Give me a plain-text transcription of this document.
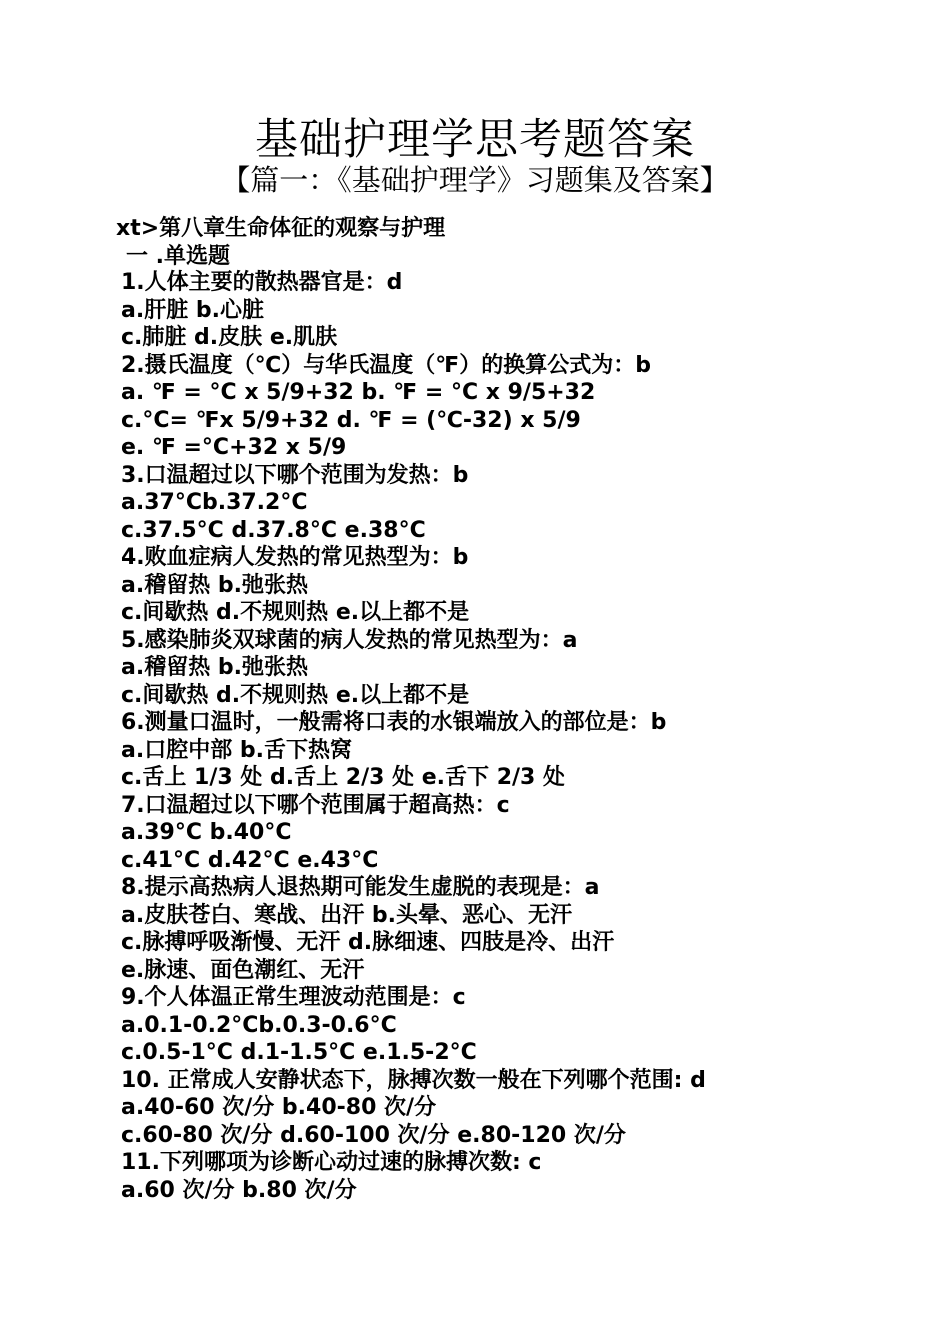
基础护理学思考题答案
【篇一：《基础护理学》习题集及答案】
xt>第八章生命体征的观察与护理
一 .单选题
1.人体主要的散热器官是：d
a.肝脏 b.心脏
c.肺脏 d.皮肤 e.肌肤
2.摄氏温度（℃）与华氏温度（℉）的换算公式为：b
a. ℉ = °C x 5/9+32 b. ℉ = °C x 9/5+32
c.°C= ℉x 5/9+32 d. ℉ = (℃-32) x 5/9
e. ℉ =°C+32 x 5/9
3.口温超过以下哪个范围为发热：b
a.37°Cb.37.2°C
c.37.5°C d.37.8°C e.38°C
4.败血症病人发热的常见热型为：b
a.稽留热 b.弛张热
c.间歇热 d.不规则热 e.以上都不是
5.感染肺炎双球菌的病人发热的常见热型为：a
a.稽留热 b.弛张热
c.间歇热 d.不规则热 e.以上都不是
6.测量口温时，一般需将口表的水银端放入的部位是：b
a.口腔中部 b.舌下热窝
c.舌上 1/3 处 d.舌上 2/3 处 e.舌下 2/3 处
7.口温超过以下哪个范围属于超高热：c
a.39°C b.40°C
c.41°C d.42°C e.43°C
8.提示高热病人退热期可能发生虚脱的表现是：a
a.皮肤苍白、寒战、出汗 b.头晕、恶心、无汗
c.脉搏呼吸渐慢、无汗 d.脉细速、四肢是冷、出汗
e.脉速、面色潮红、无汗
9.个人体温正常生理波动范围是：c
a.0.1-0.2°Cb.0.3-0.6°C
c.0.5-1°C d.1-1.5°C e.1.5-2°C
10. 正常成人安静状态下，脉搏次数一般在下列哪个范围: d
a.40-60 次/分 b.40-80 次/分
c.60-80 次/分 d.60-100 次/分 e.80-120 次/分
11.下列哪项为诊断心动过速的脉搏次数: c
a.60 次/分 b.80 次/分
